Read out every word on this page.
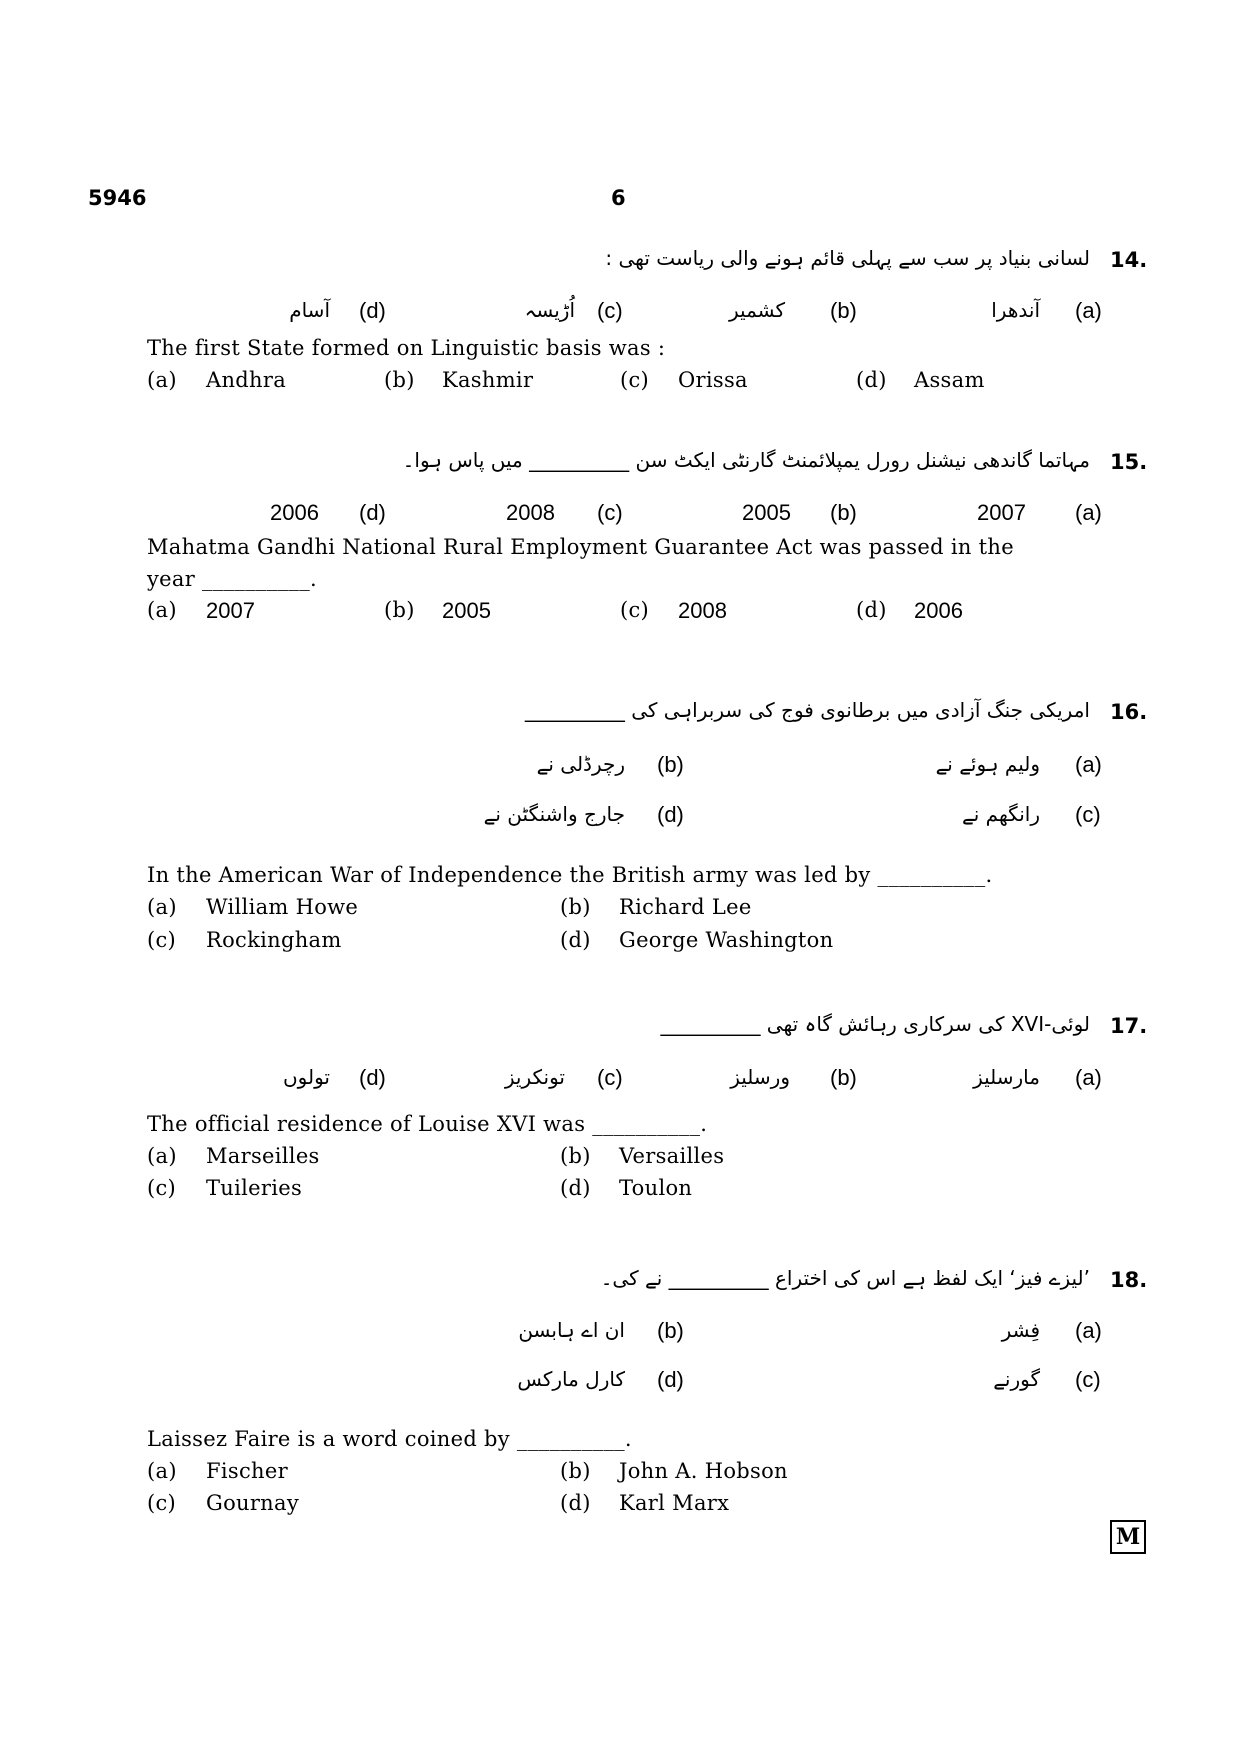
5946	6
14.
لسانی بنیاد پر سب سے پہلی قائم ہونے والی ریاست تھی :
(a)
آندھرا
(b)
کشمیر
(c)
اُڑیسہ
(d)
آسام
The first State formed on Linguistic basis was :
(a) Andhra	(b) Kashmir	(c) Orissa	(d) Assam
15.
مہاتما گاندھی نیشنل رورل یمپلائمنٹ گارنٹی ایکٹ سن __________ میں پاس ہوا۔
(a)
2007
(b)
2005
(c)
2008
(d)
2006
Mahatma Gandhi National Rural Employment Guarantee Act was passed in the
year __________.
(a) 2007	(b) 2005	(c) 2008	(d) 2006
16.
امریکی جنگ آزادی میں برطانوی فوج کی سربراہی کی __________
(a)
ولیم ہوئے نے
(b)
رچرڈلی نے
(c)
رانگھم نے
(d)
جارج واشنگٹن نے
In the American War of Independence the British army was led by __________.
(a) William Howe	(b) Richard Lee
(c) Rockingham	(d) George Washington
17.
لوئی-XVI کی سرکاری رہائش گاہ تھی __________
(a)
مارسلیز
(b)
ورسلیز
(c)
تونکریز
(d)
تولوں
The official residence of Louise XVI was __________.
(a) Marseilles	(b) Versailles
(c) Tuileries	(d) Toulon
18.
’لیزے فیز‘ ایک لفظ ہے اس کی اختراع __________ نے کی۔
(a)
فِشر
(b)
ان اے ہابسن
(c)
گورنے
(d)
کارل مارکس
Laissez Faire is a word coined by __________.
(a) Fischer	(b) John A. Hobson
(c) Gournay	(d) Karl Marx
M
